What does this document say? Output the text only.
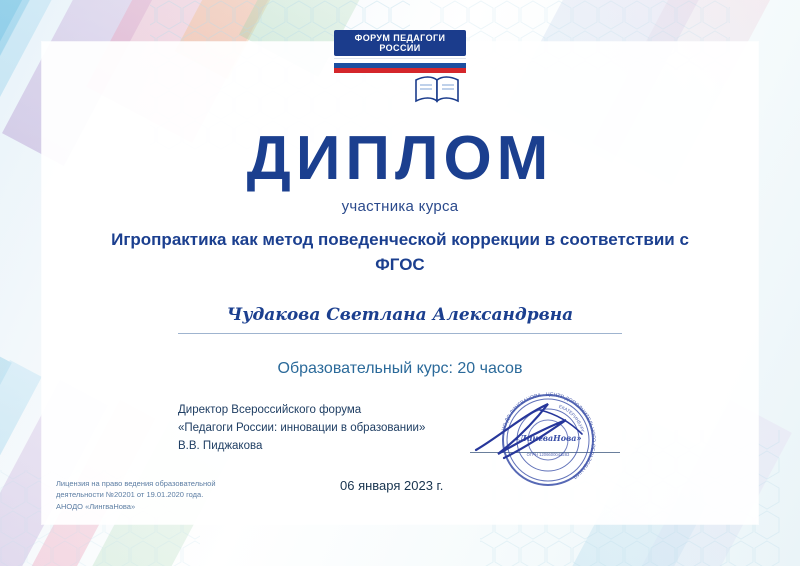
ФОРУМ ПЕДАГОГИ РОССИИ
ДИПЛОМ
участника курса
Игропрактика как метод поведенческой коррекции в соответствии с ФГОС
Чудакова Светлана Александрвна
Образовательный курс: 20 часов
Директор Всероссийского форума
«Педагоги России: инновации в образовании»
В.В. Пиджакова
АНО ДО ЛИНГВАНОВА · ЦЕНТР ДОПОЛНИТЕЛЬНОГО ОБРАЗОВАНИЯ ·
ЕКАТЕРИНБУРГ
«ЛингваНова»
ОГРН 1206600043283
06 января 2023 г.
Лицензия на право ведения образовательной
деятельности №20201 от 19.01.2020 года.
АНОДО «ЛингваНова»
